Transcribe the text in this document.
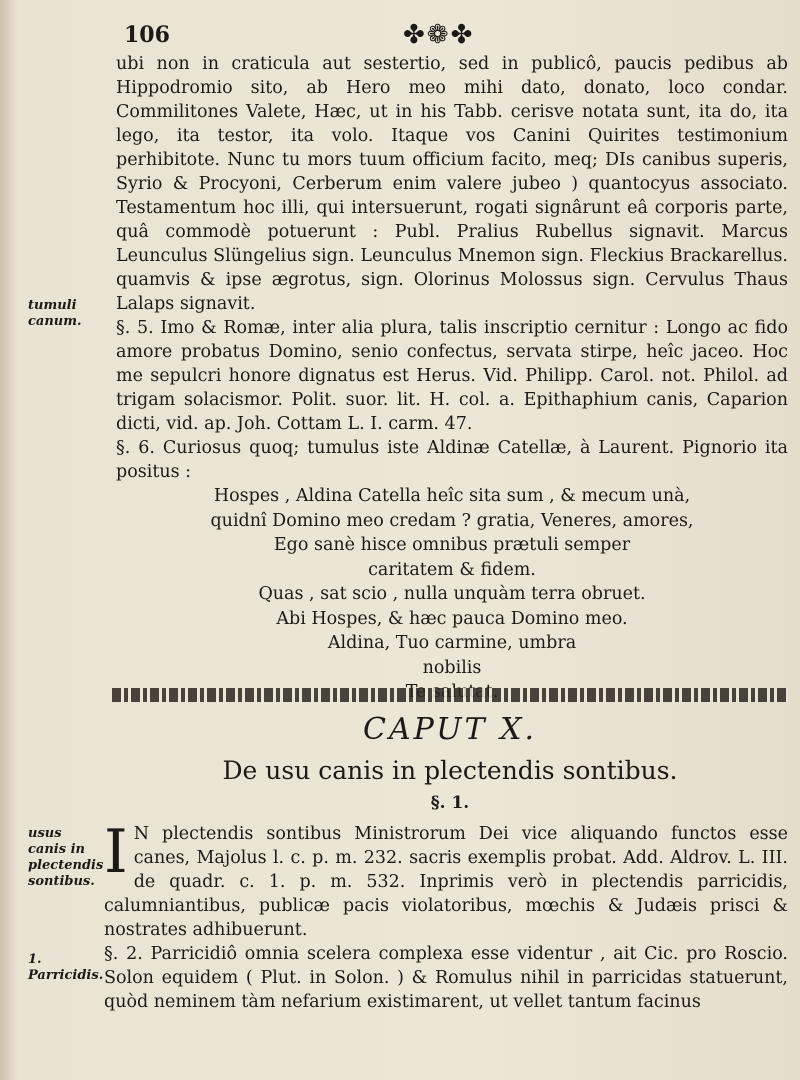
106	✤❁✤
tumuli canum.
usus canis in plectendis sontibus.
1. Parricidis.

ubi non in craticula aut sestertio, sed in publicô, paucis pedibus ab Hippodromio sito, ab Hero meo mihi dato, donato, loco condar. Commilitones Valete, Hæc, ut in his Tabb. cerisve notata sunt, ita do, ita lego, ita testor, ita volo. Itaque vos Canini Quirites testimonium perhibitote. Nunc tu mors tuum officium facito, meq; DIs canibus superis, Syrio & Procyoni, Cerberum enim valere jubeo ) quantocyus associato. Testamentum hoc illi, qui intersuerunt, rogati signârunt eâ corporis parte, quâ commodè potuerunt : Publ. Pralius Rubellus signavit. Marcus Leunculus Slüngelius sign. Leunculus Mnemon sign. Fleckius Brackarellus. quamvis & ipse ægrotus, sign. Olorinus Molossus sign. Cervulus Thaus Lalaps signavit.

§. 5. Imo & Romæ, inter alia plura, talis inscriptio cernitur : Longo ac fido amore probatus Domino, senio confectus, servata stirpe, heîc jaceo. Hoc me sepulcri honore dignatus est Herus. Vid. Philipp. Carol. not. Philol. ad trigam solacismor. Polit. suor. lit. H. col. a. Epithaphium canis, Caparion dicti, vid. ap. Joh. Cottam L. I. carm. 47.

§. 6. Curiosus quoq; tumulus iste Aldinæ Catellæ, à Laurent. Pignorio ita positus :

Hospes , Aldina Catella heîc sita sum , & mecum unà,
quidnî Domino meo credam ? gratia, Veneres, amores,
Ego sanè hisce omnibus prætuli semper
caritatem & fidem.
Quas , sat scio , nulla unquàm terra obruet.
Abi Hospes, & hæc pauca Domino meo.
Aldina, Tuo carmine, umbra
nobilis
CAPUT X.
De usu canis in plectendis sontibus.
§. 1.

I N plectendis sontibus Ministrorum Dei vice aliquando functos esse canes, Majolus l. c. p. m. 232. sacris exemplis probat. Add. Aldrov. L. III. de quadr. c. 1. p. m. 532. Inprimis verò in plectendis parricidis, calumniantibus, publicæ pacis violatoribus, mœchis & Judæis prisci & nostrates adhibuerunt.

§. 2. Parricidiô omnia scelera complexa esse videntur , ait Cic. pro Roscio. Solon equidem ( Plut. in Solon. ) & Romulus nihil in parricidas statuerunt, quòd neminem tàm nefarium existimarent, ut vellet tantum facinus
